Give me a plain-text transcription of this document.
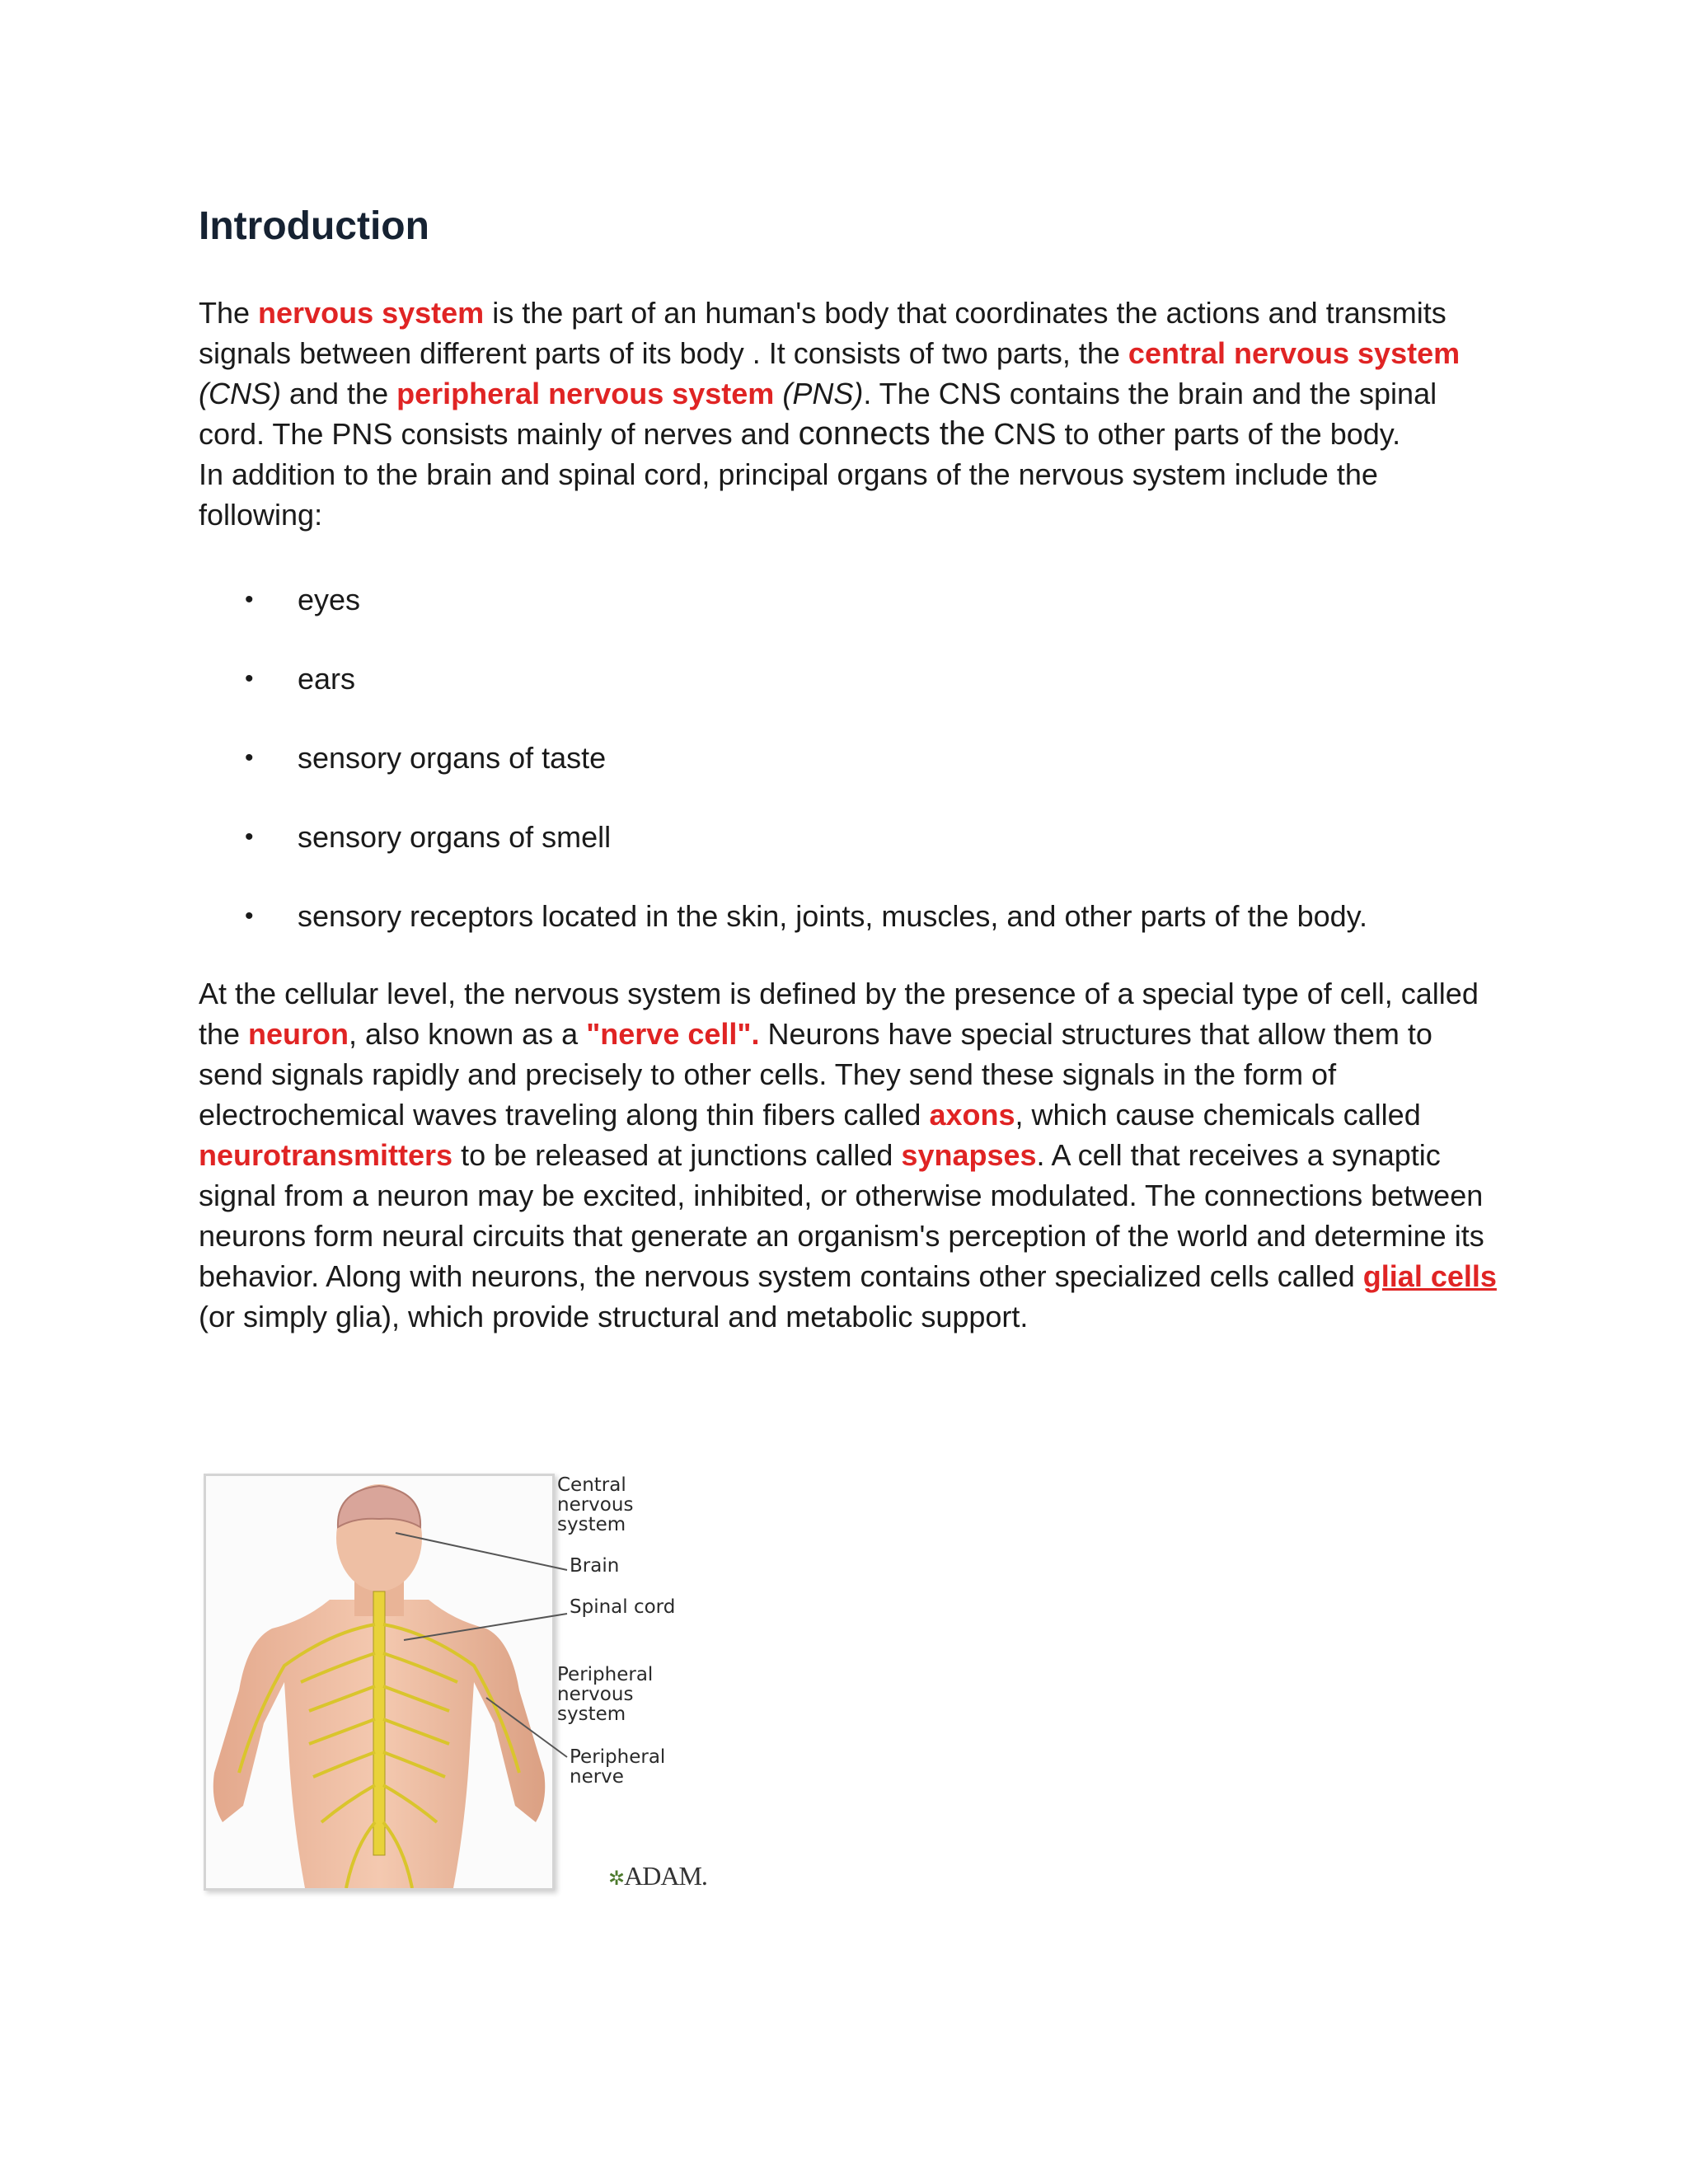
Introduction

The nervous system is the part of an human's body that coordinates the actions and transmits signals between different parts of its body . It consists of two parts, the central nervous system (CNS) and the peripheral nervous system (PNS). The CNS contains the brain and the spinal cord. The PNS consists mainly of nerves and connects the CNS to other parts of the body.
In addition to the brain and spinal cord, principal organs of the nervous system include the following:

• eyes
• ears
• sensory organs of taste
• sensory organs of smell
• sensory receptors located in the skin, joints, muscles, and other parts of the body.

At the cellular level, the nervous system is defined by the presence of a special type of cell, called the neuron, also known as a "nerve cell". Neurons have special structures that allow them to send signals rapidly and precisely to other cells. They send these signals in the form of electrochemical waves traveling along thin fibers called axons, which cause chemicals called neurotransmitters to be released at junctions called synapses. A cell that receives a synaptic signal from a neuron may be excited, inhibited, or otherwise modulated. The connections between neurons form neural circuits that generate an organism's perception of the world and determine its behavior. Along with neurons, the nervous system contains other specialized cells called glial cells (or simply glia), which provide structural and metabolic support.

Central
nervous
system
Brain
Spinal cord
Peripheral
nervous
system
Peripheral
nerve
✲ADAM.
